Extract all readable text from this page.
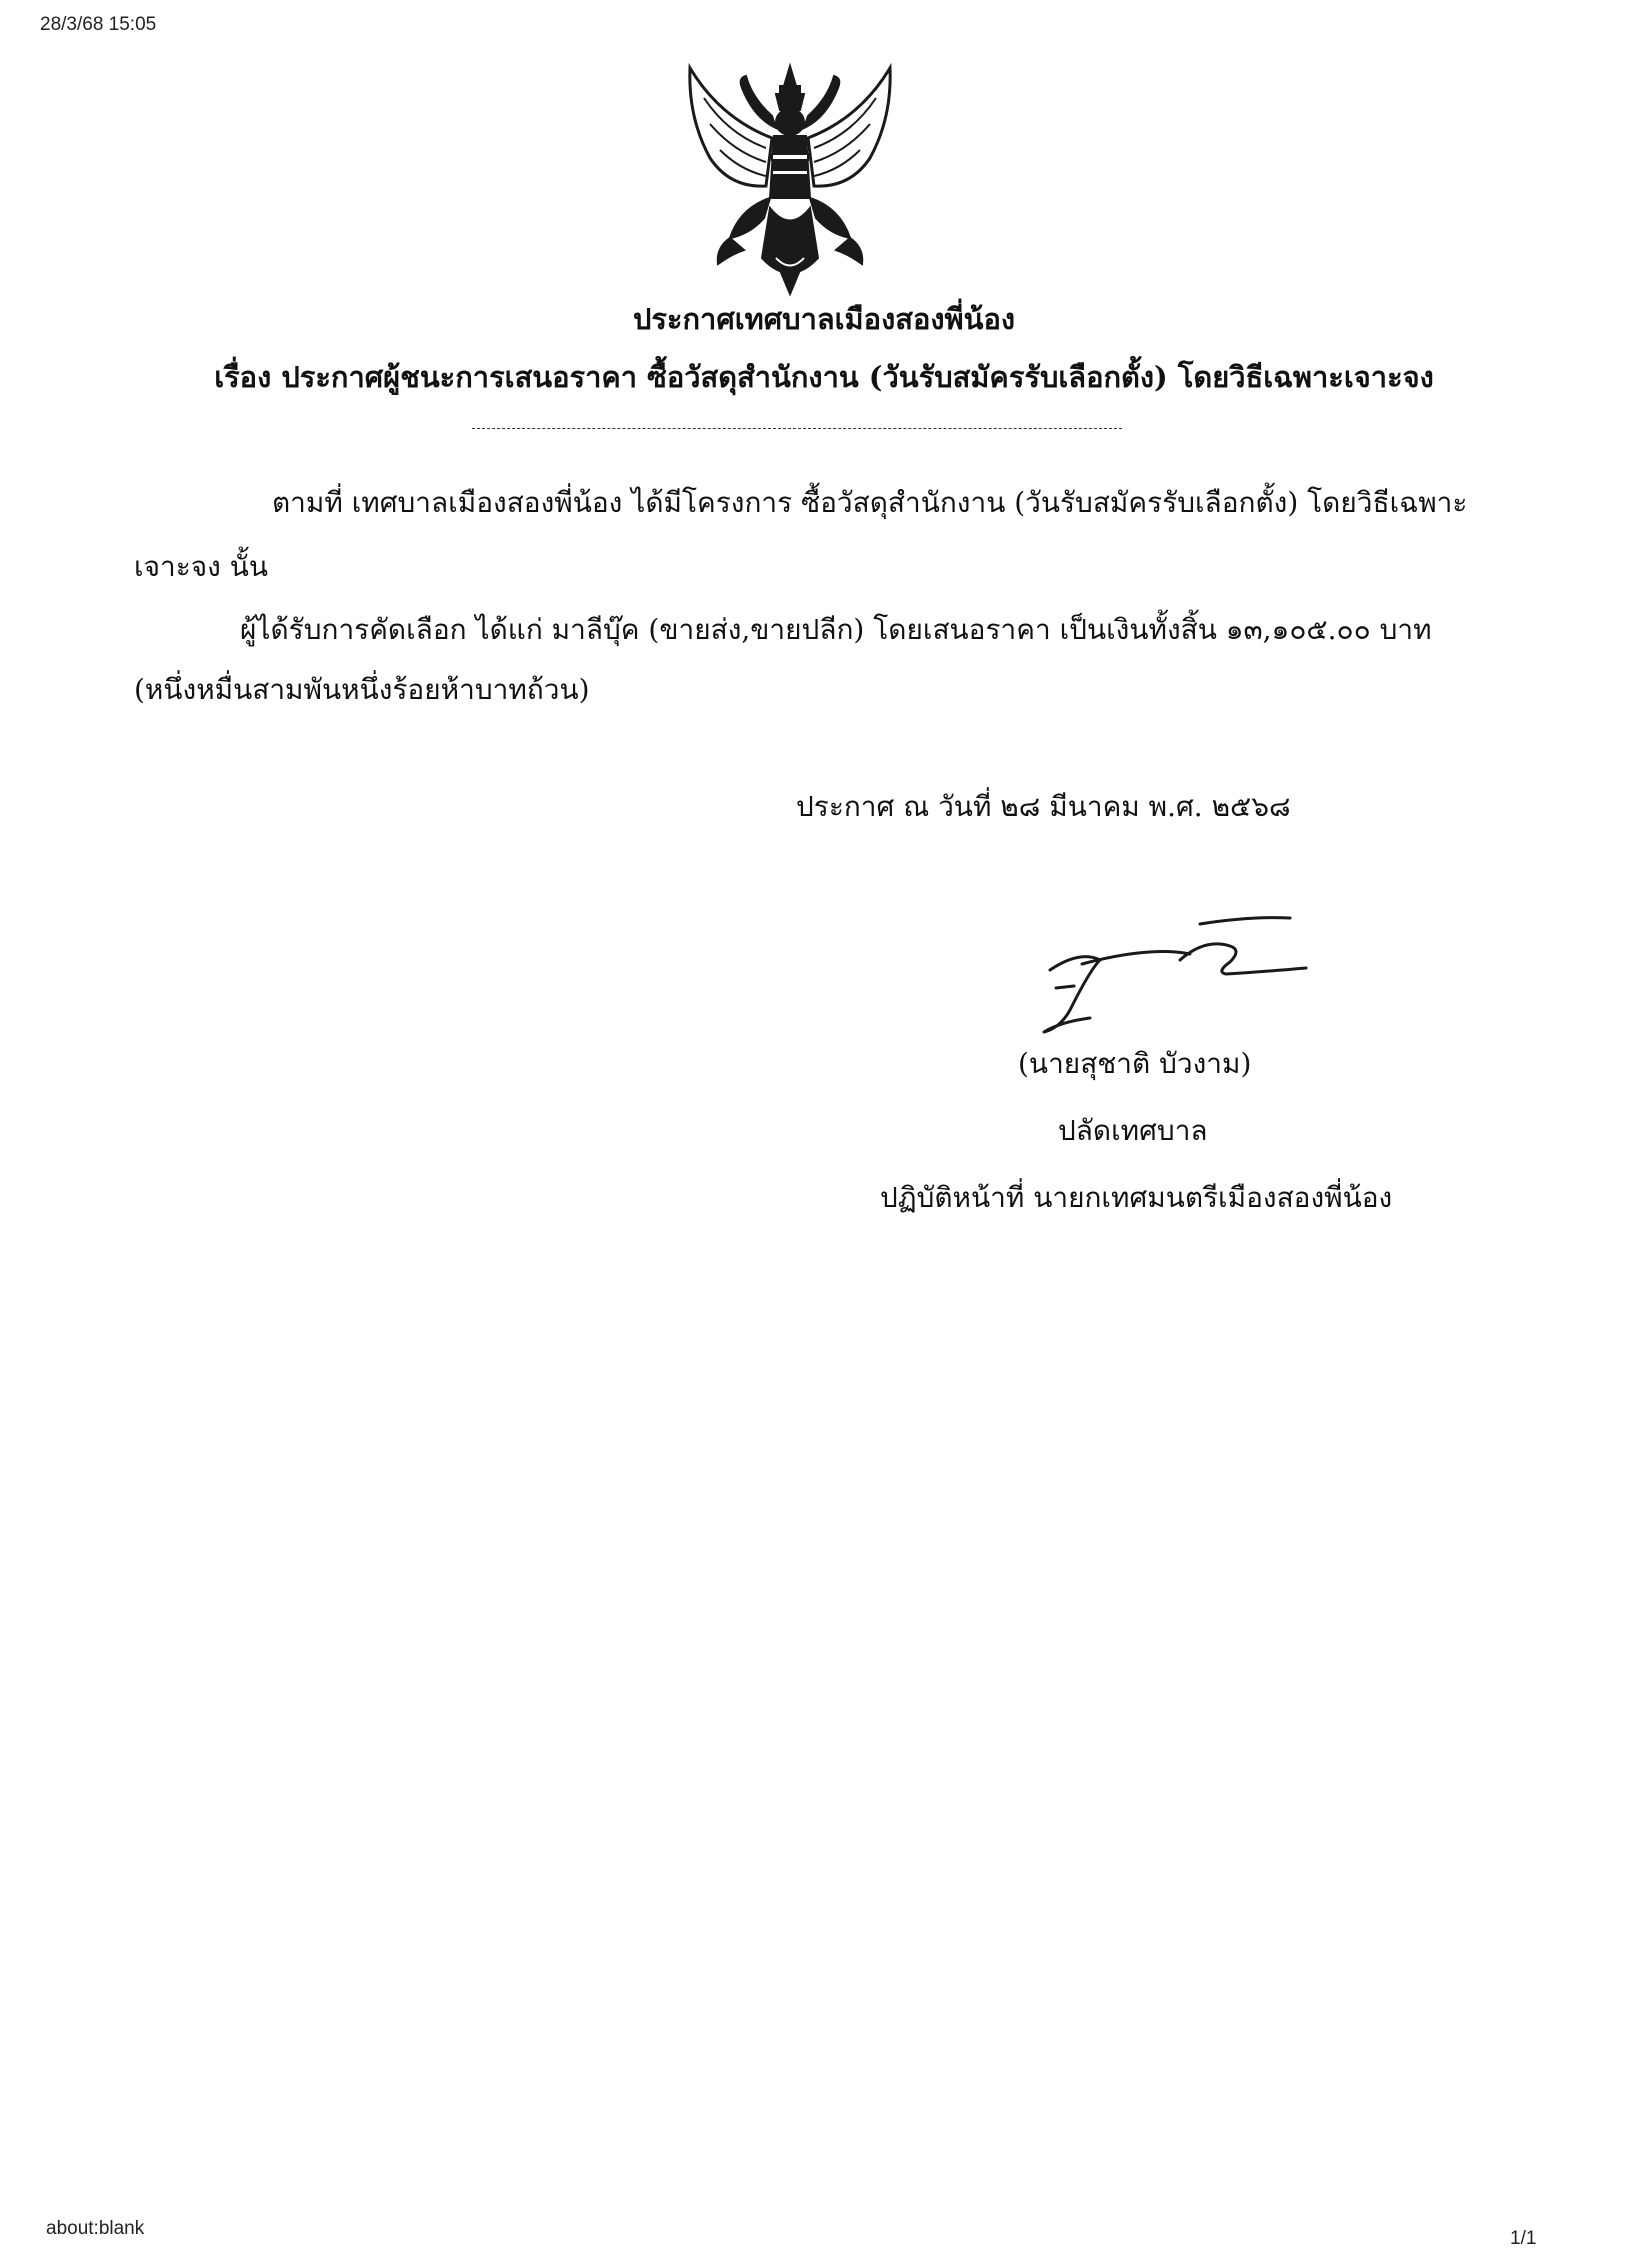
28/3/68 15:05
ประกาศเทศบาลเมืองสองพี่น้อง
เรื่อง ประกาศผู้ชนะการเสนอราคา ซื้อวัสดุสำนักงาน (วันรับสมัครรับเลือกตั้ง) โดยวิธีเฉพาะเจาะจง
ตามที่ เทศบาลเมืองสองพี่น้อง ได้มีโครงการ ซื้อวัสดุสำนักงาน (วันรับสมัครรับเลือกตั้ง) โดยวิธีเฉพาะ
เจาะจง นั้น
ผู้ได้รับการคัดเลือก ได้แก่ มาลีบุ๊ค (ขายส่ง,ขายปลีก) โดยเสนอราคา เป็นเงินทั้งสิ้น ๑๓,๑๐๕.๐๐ บาท
(หนึ่งหมื่นสามพันหนึ่งร้อยห้าบาทถ้วน)
ประกาศ ณ วันที่ ๒๘ มีนาคม พ.ศ. ๒๕๖๘
(นายสุชาติ บัวงาม)
ปลัดเทศบาล
ปฏิบัติหน้าที่ นายกเทศมนตรีเมืองสองพี่น้อง
about:blank	1/1
